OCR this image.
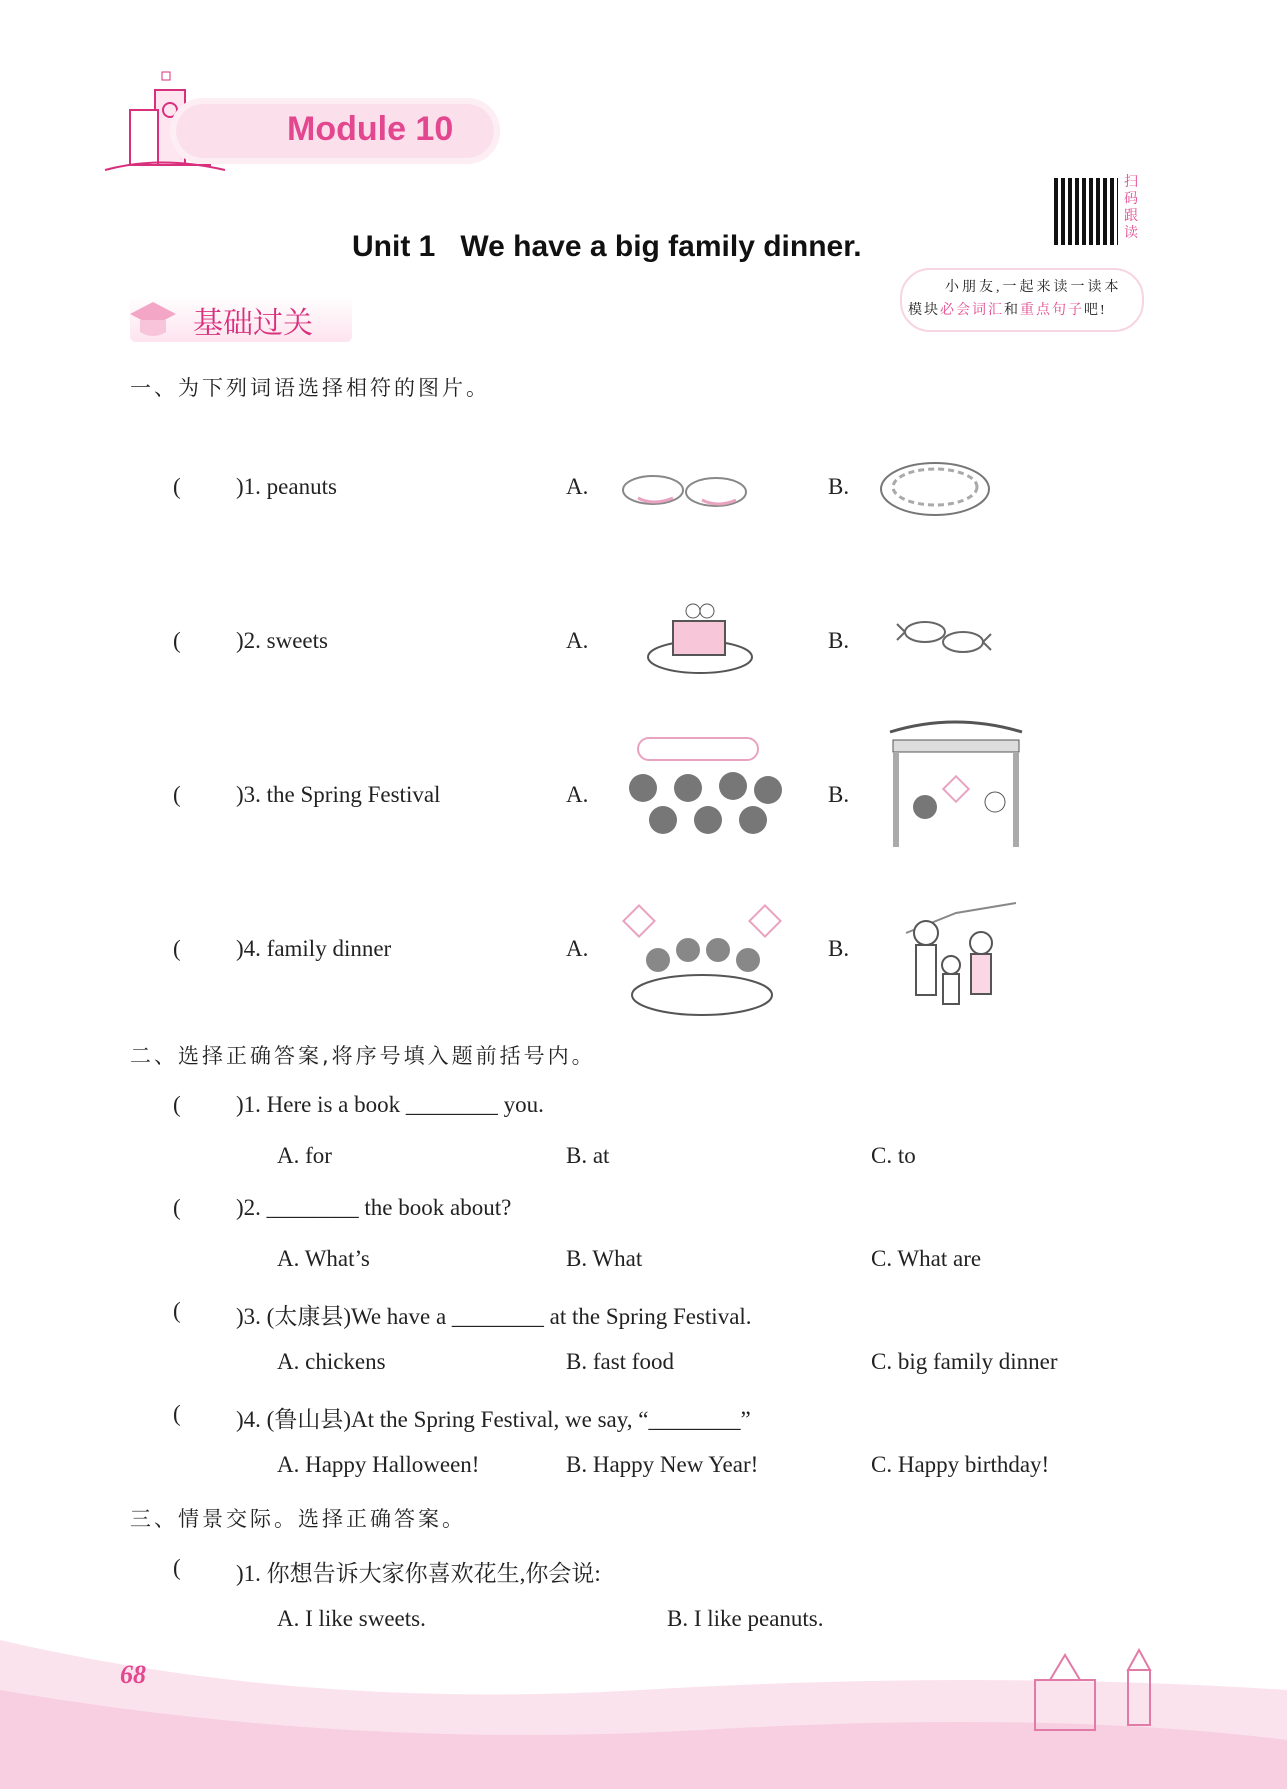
Module 10
扫码跟读
Unit 1   We have a big family dinner.
小朋友,一起来读一读本
模块必会词汇和重点句子吧!
基础过关
一、为下列词语选择相符的图片。
( )1. peanuts	A.	B.
( )2. sweets	A.	B.
( )3. the Spring Festival	A.	B.
( )4. family dinner	A.	B.
二、选择正确答案,将序号填入题前括号内。
( )1. Here is a book ________ you.
A. for	B. at	C. to
( )2. ________ the book about?
A. What’s	B. What	C. What are
( )3. (太康县)We have a ________ at the Spring Festival.
A. chickens	B. fast food	C. big family dinner
( )4. (鲁山县)At the Spring Festival, we say, “________”
A. Happy Halloween!	B. Happy New Year!	C. Happy birthday!
三、情景交际。选择正确答案。
( )1. 你想告诉大家你喜欢花生,你会说:
A. I like sweets.	B. I like peanuts.
68
